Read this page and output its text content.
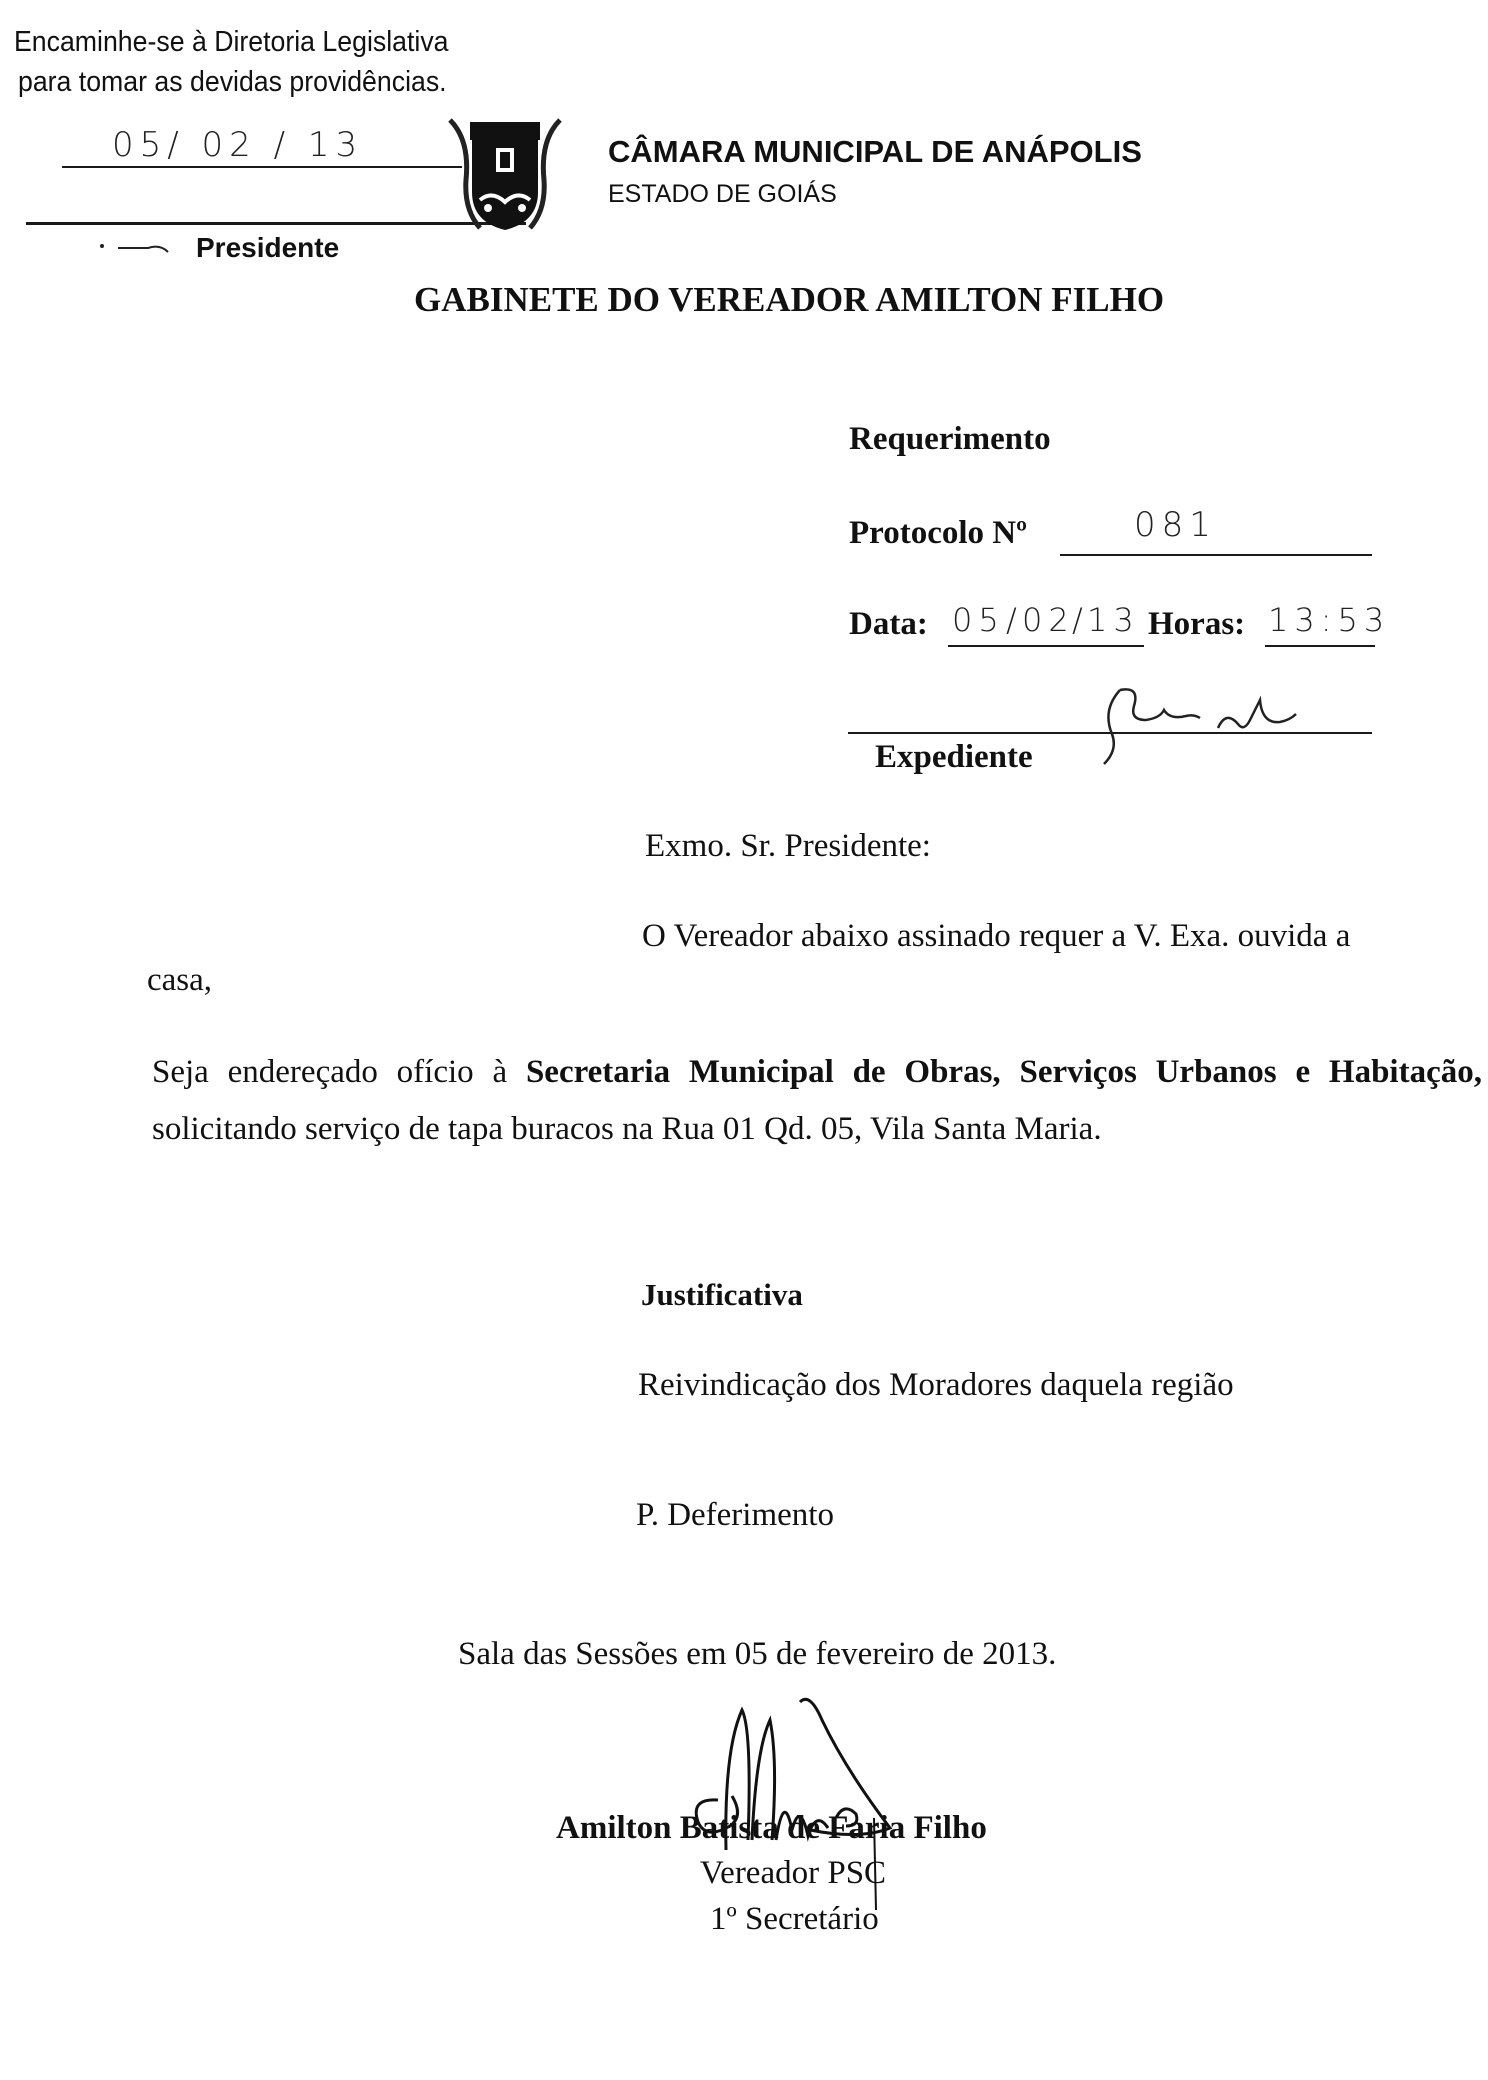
Encaminhe-se à Diretoria Legislativa
para tomar as devidas providências.
05/ 02 / 13
Presidente
CÂMARA MUNICIPAL DE ANÁPOLIS
ESTADO DE GOIÁS
GABINETE DO VEREADOR AMILTON FILHO
Requerimento
Protocolo Nº	081
Data: 05 / 02
/
13 Horas: 13:53
Expediente
Exmo. Sr. Presidente:
O Vereador abaixo assinado requer a V. Exa. ouvida a
casa,
Seja endereçado ofício à Secretaria Municipal de Obras, Serviços Urbanos e Habitação, solicitando serviço de tapa buracos na Rua 01 Qd. 05, Vila Santa Maria.
Justificativa
Reivindicação dos Moradores daquela região
P. Deferimento
Sala das Sessões em 05 de fevereiro de 2013.
Amilton Batista de Faria Filho
Vereador PSC
1º Secretário
